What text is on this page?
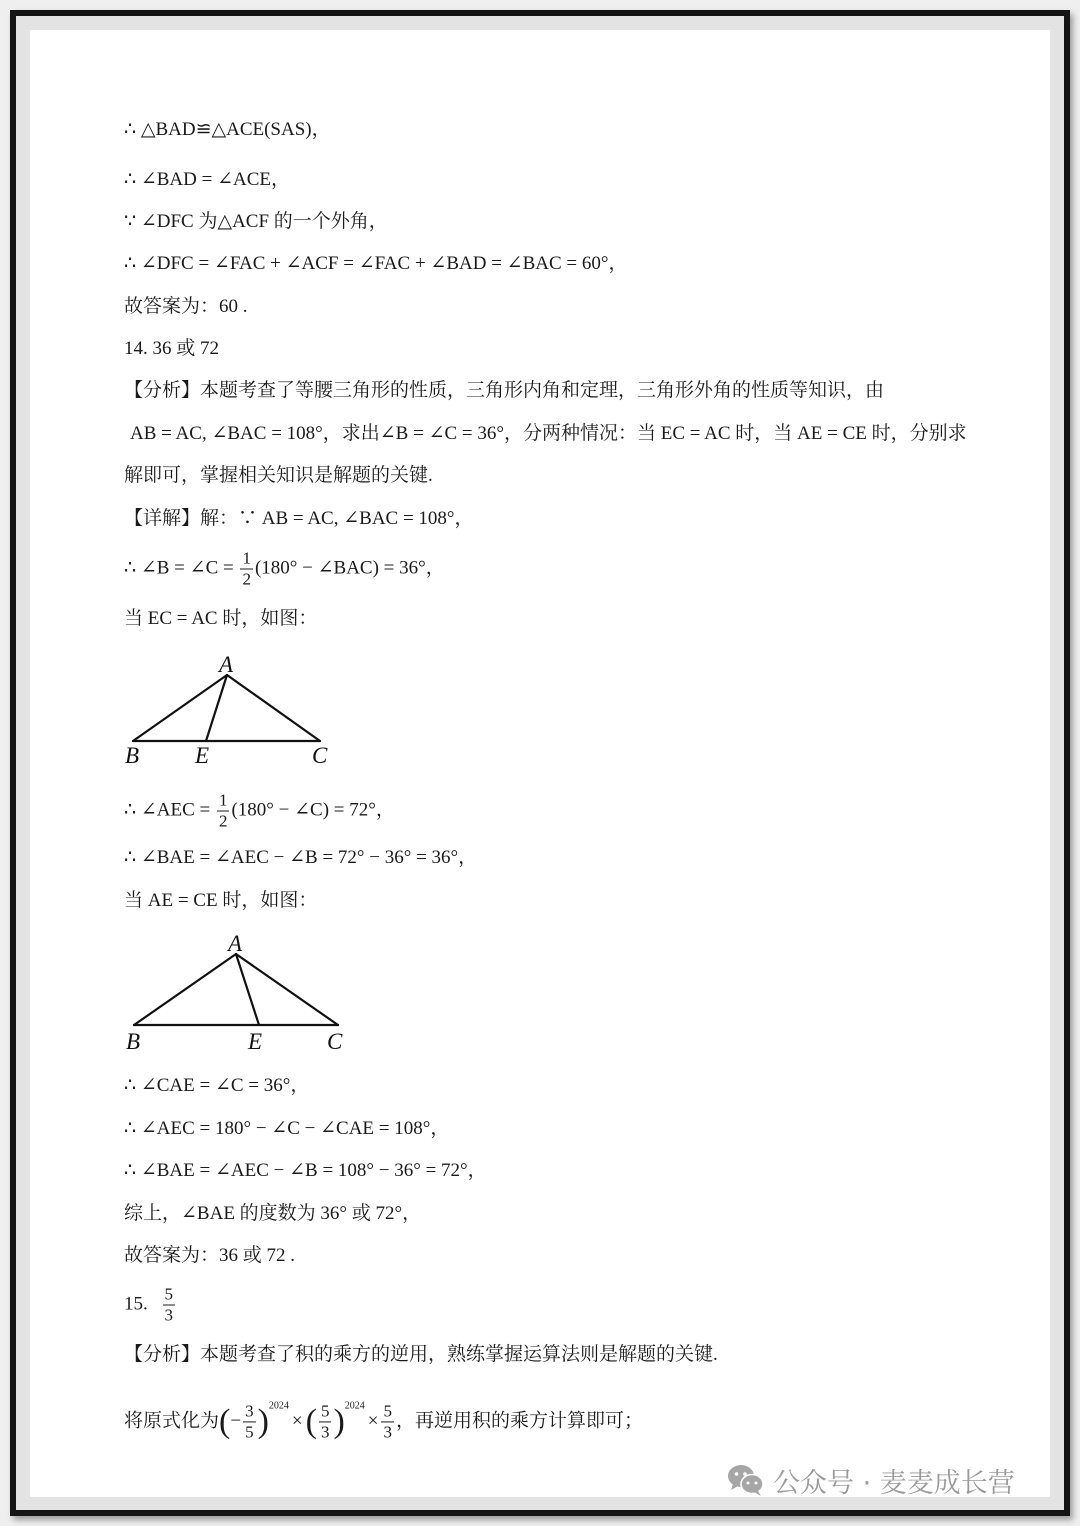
∴ △BAD≌△ACE(SAS)，
∴ ∠BAD = ∠ACE，
∵ ∠DFC 为△ACF 的一个外角，
∴ ∠DFC = ∠FAC + ∠ACF = ∠FAC + ∠BAD = ∠BAC = 60°，
故答案为：60 .
14. 36 或 72
【分析】本题考查了等腰三角形的性质，三角形内角和定理，三角形外角的性质等知识，由
AB = AC, ∠BAC = 108°，求出∠B = ∠C = 36°，分两种情况：当 EC = AC 时，当 AE = CE 时，分别求
解即可，掌握相关知识是解题的关键.
【详解】解：∵ AB = AC, ∠BAC = 108°，
∴ ∠B = ∠C = $\frac{1}{2} (180^\circ$ − ∠BAC) = 36°，
当 EC = AC 时，如图：
A
B E	C
∴ ∠AEC = $\frac{1}{2} (180^\circ$ − ∠C) = 72°，
∴ ∠BAE = ∠AEC − ∠B = 72° − 36° = 36°，
当 AE = CE 时，如图：
A
B	E	C
∴ ∠CAE = ∠C = 36°，
∴ ∠AEC = 180° − ∠C − ∠CAE = 108°，
∴ ∠BAE = ∠AEC − ∠B = 108° − 36° = 72°，
综上，∠BAE 的度数为 36° 或 72°，
故答案为：36 或 72 .
15. $\frac{5}{3}$
【分析】本题考查了积的乘方的逆用，熟练掌握运算法则是解题的关键.
将原式化为(− $\frac{3}{5} )^{2024}\times( \frac{5}{3} )^{2024}\times \frac{5}{3}$ ，再逆用积的乘方计算即可；
公众号 · 麦麦成长营
